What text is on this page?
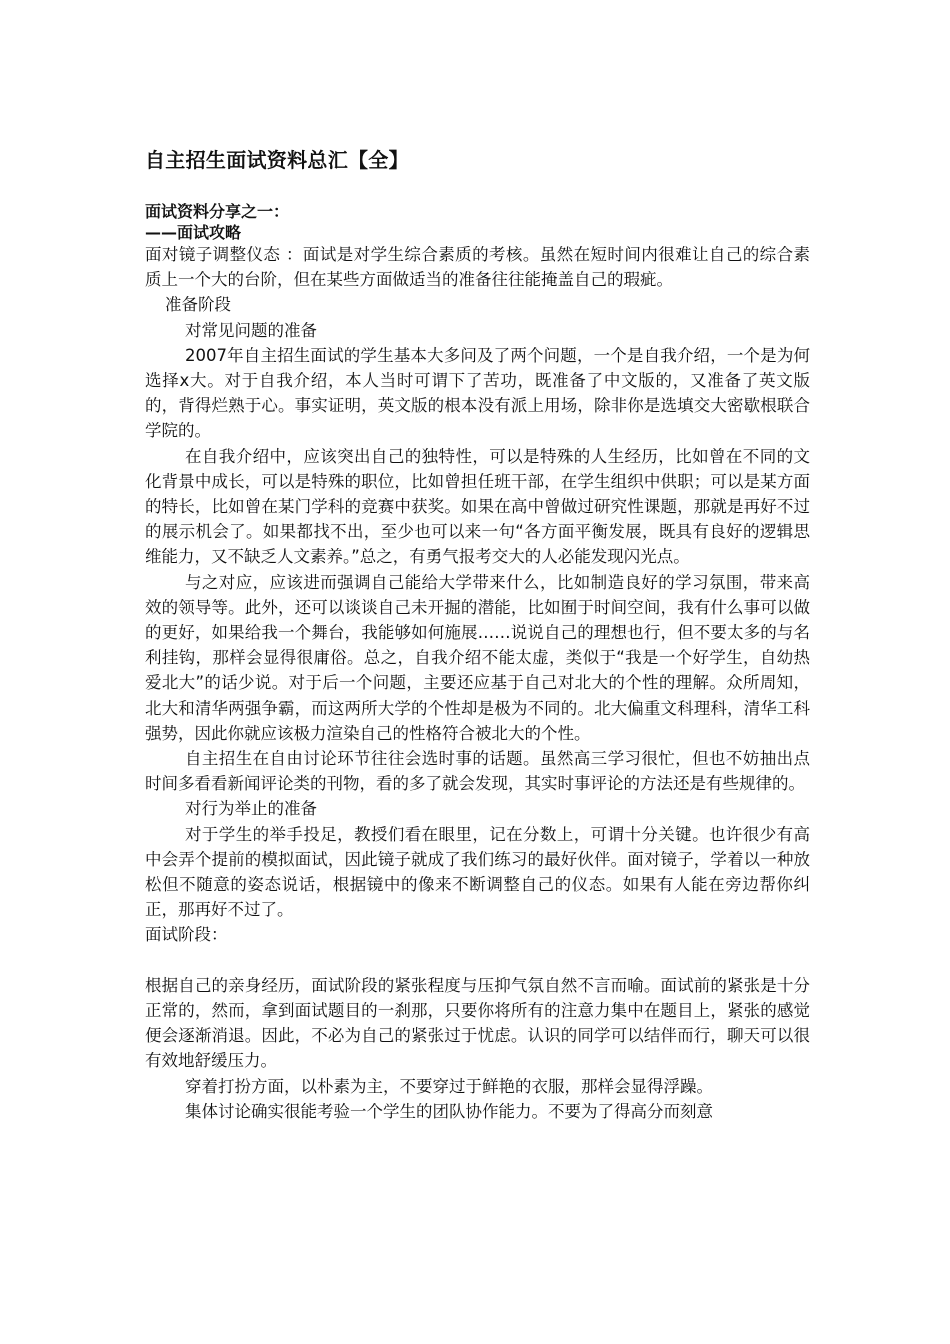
自主招生面试资料总汇【全】
面试资料分享之一：
——面试攻略

面对镜子调整仪态 ：面试是对学生综合素质的考核。虽然在短时间内很难让自己的综合素质上一个大的台阶，但在某些方面做适当的准备往往能掩盖自己的瑕疵。

准备阶段

对常见问题的准备

2007年自主招生面试的学生基本大多问及了两个问题，一个是自我介绍，一个是为何选择x大。对于自我介绍，本人当时可谓下了苦功，既准备了中文版的，又准备了英文版的，背得烂熟于心。事实证明，英文版的根本没有派上用场，除非你是选填交大密歇根联合学院的。

在自我介绍中，应该突出自己的独特性，可以是特殊的人生经历，比如曾在不同的文化背景中成长，可以是特殊的职位，比如曾担任班干部，在学生组织中供职；可以是某方面的特长，比如曾在某门学科的竞赛中获奖。如果在高中曾做过研究性课题，那就是再好不过的展示机会了。如果都找不出，至少也可以来一句“各方面平衡发展，既具有良好的逻辑思维能力，又不缺乏人文素养。”总之，有勇气报考交大的人必能发现闪光点。

与之对应，应该进而强调自己能给大学带来什么，比如制造良好的学习氛围，带来高效的领导等。此外，还可以谈谈自己未开掘的潜能，比如囿于时间空间，我有什么事可以做的更好，如果给我一个舞台，我能够如何施展……说说自己的理想也行，但不要太多的与名利挂钩，那样会显得很庸俗。总之，自我介绍不能太虚，类似于“我是一个好学生，自幼热爱北大”的话少说。对于后一个问题，主要还应基于自己对北大的个性的理解。众所周知，北大和清华两强争霸，而这两所大学的个性却是极为不同的。北大偏重文科理科，清华工科强势，因此你就应该极力渲染自己的性格符合被北大的个性。

自主招生在自由讨论环节往往会选时事的话题。虽然高三学习很忙，但也不妨抽出点时间多看看新闻评论类的刊物，看的多了就会发现，其实时事评论的方法还是有些规律的。

对行为举止的准备

对于学生的举手投足，教授们看在眼里，记在分数上，可谓十分关键。也许很少有高中会弄个提前的模拟面试，因此镜子就成了我们练习的最好伙伴。面对镜子，学着以一种放松但不随意的姿态说话，根据镜中的像来不断调整自己的仪态。如果有人能在旁边帮你纠正，那再好不过了。

面试阶段：

根据自己的亲身经历，面试阶段的紧张程度与压抑气氛自然不言而喻。面试前的紧张是十分正常的，然而，拿到面试题目的一刹那，只要你将所有的注意力集中在题目上，紧张的感觉便会逐渐消退。因此，不必为自己的紧张过于忧虑。认识的同学可以结伴而行，聊天可以很有效地舒缓压力。

穿着打扮方面，以朴素为主，不要穿过于鲜艳的衣服，那样会显得浮躁。

集体讨论确实很能考验一个学生的团队协作能力。不要为了得高分而刻意
